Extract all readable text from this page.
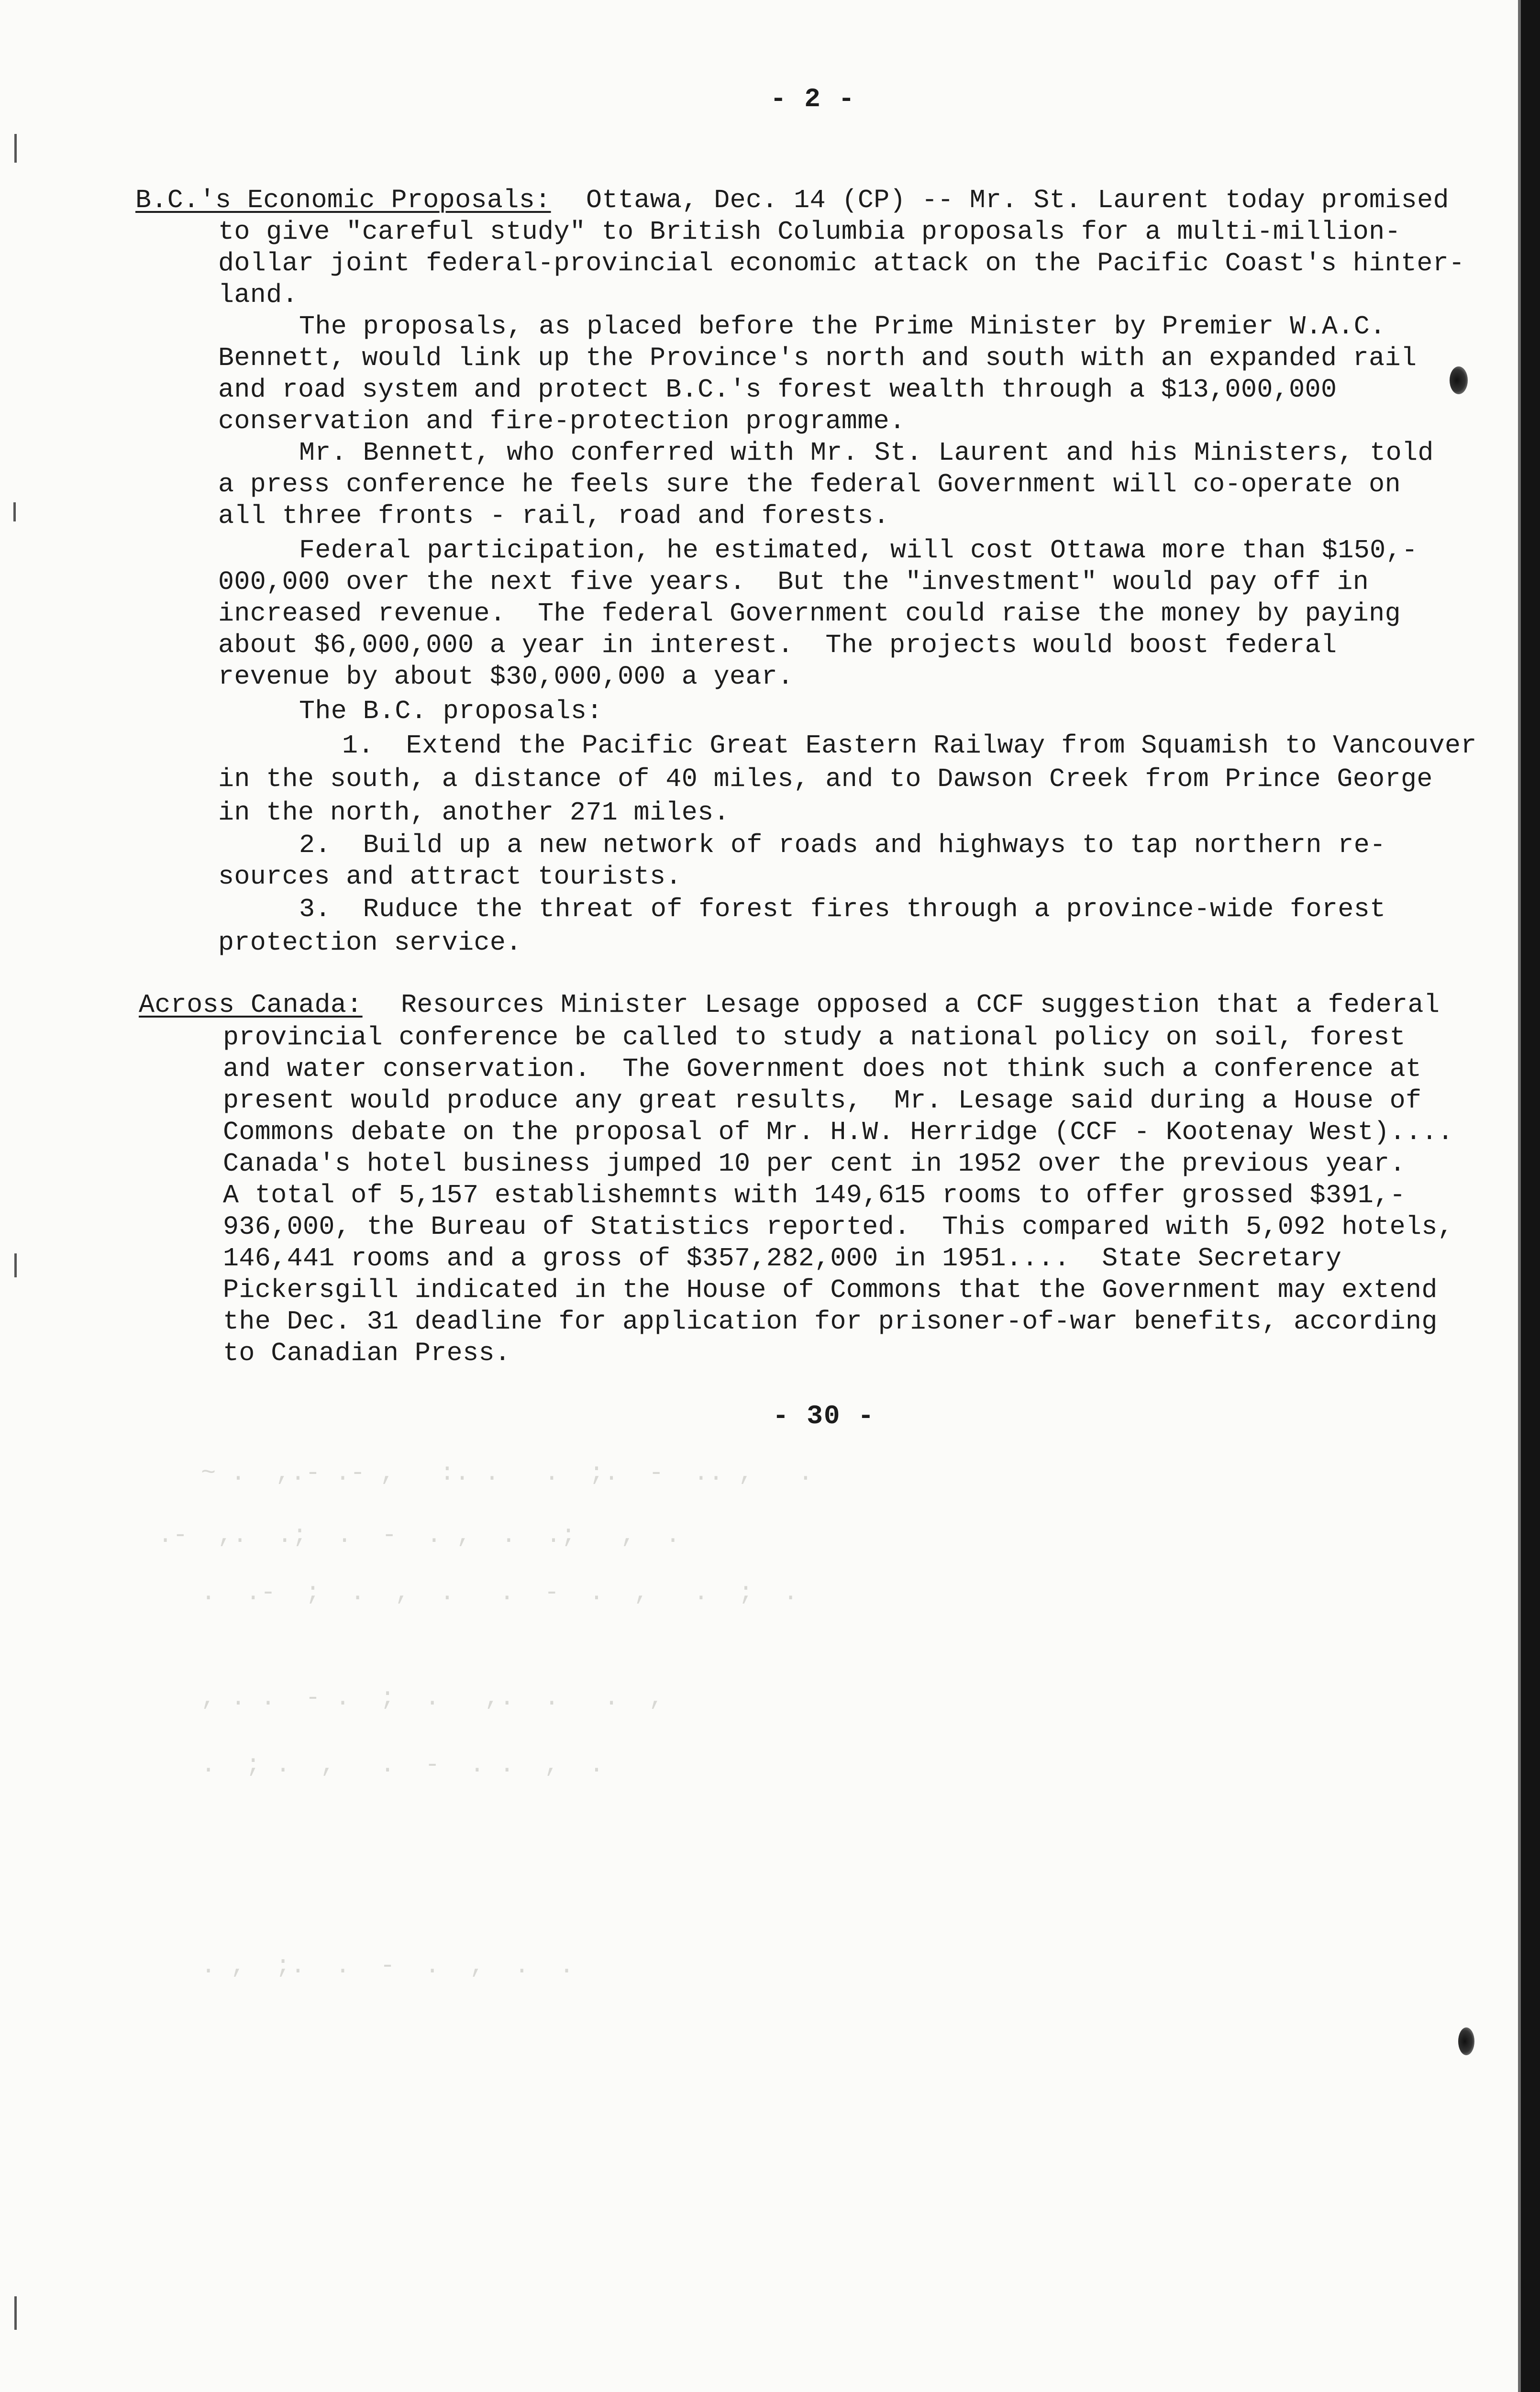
- 2 -
B.C.'s Economic Proposals: Ottawa, Dec. 14 (CP) -- Mr. St. Laurent today promised
to give "careful study" to British Columbia proposals for a multi-million-
dollar joint federal-provincial economic attack on the Pacific Coast's hinter-
land.
The proposals, as placed before the Prime Minister by Premier W.A.C.
Bennett, would link up the Province's north and south with an expanded rail
and road system and protect B.C.'s forest wealth through a $13,000,000
conservation and fire-protection programme.
Mr. Bennett, who conferred with Mr. St. Laurent and his Ministers, told
a press conference he feels sure the federal Government will co-operate on
all three fronts - rail, road and forests.
Federal participation, he estimated, will cost Ottawa more than $150,-
000,000 over the next five years.  But the "investment" would pay off in
increased revenue.  The federal Government could raise the money by paying
about $6,000,000 a year in interest.  The projects would boost federal
revenue by about $30,000,000 a year.
The B.C. proposals:
1.  Extend the Pacific Great Eastern Railway from Squamish to Vancouver
in the south, a distance of 40 miles, and to Dawson Creek from Prince George
in the north, another 271 miles.
2.  Build up a new network of roads and highways to tap northern re-
sources and attract tourists.
3.  Ruduce the threat of forest fires through a province-wide forest
protection service.
Across Canada: Resources Minister Lesage opposed a CCF suggestion that a federal
provincial conference be called to study a national policy on soil, forest
and water conservation.  The Government does not think such a conference at
present would produce any great results,  Mr. Lesage said during a House of
Commons debate on the proposal of Mr. H.W. Herridge (CCF - Kootenay West)....
Canada's hotel business jumped 10 per cent in 1952 over the previous year.
A total of 5,157 establishemnts with 149,615 rooms to offer grossed $391,-
936,000, the Bureau of Statistics reported.  This compared with 5,092 hotels,
146,441 rooms and a gross of $357,282,000 in 1951....  State Secretary
Pickersgill indicated in the House of Commons that the Government may extend
the Dec. 31 deadline for application for prisoner-of-war benefits, according
to Canadian Press.
- 30 -
~ .  ,.- .- ,   :. .   .  ;.  -  .. ,   .
.-  ,.  .;  .  -  . ,  .  .;   ,  .
.  .-  ;  .  ,  .   .  -  .  ,   .  ;  .
, . .  - .  ;  .   ,.  .   .  ,
.  ; .  ,   .  -  . .  ,  .
. ,  ;.  .  -  .  ,  .  .
